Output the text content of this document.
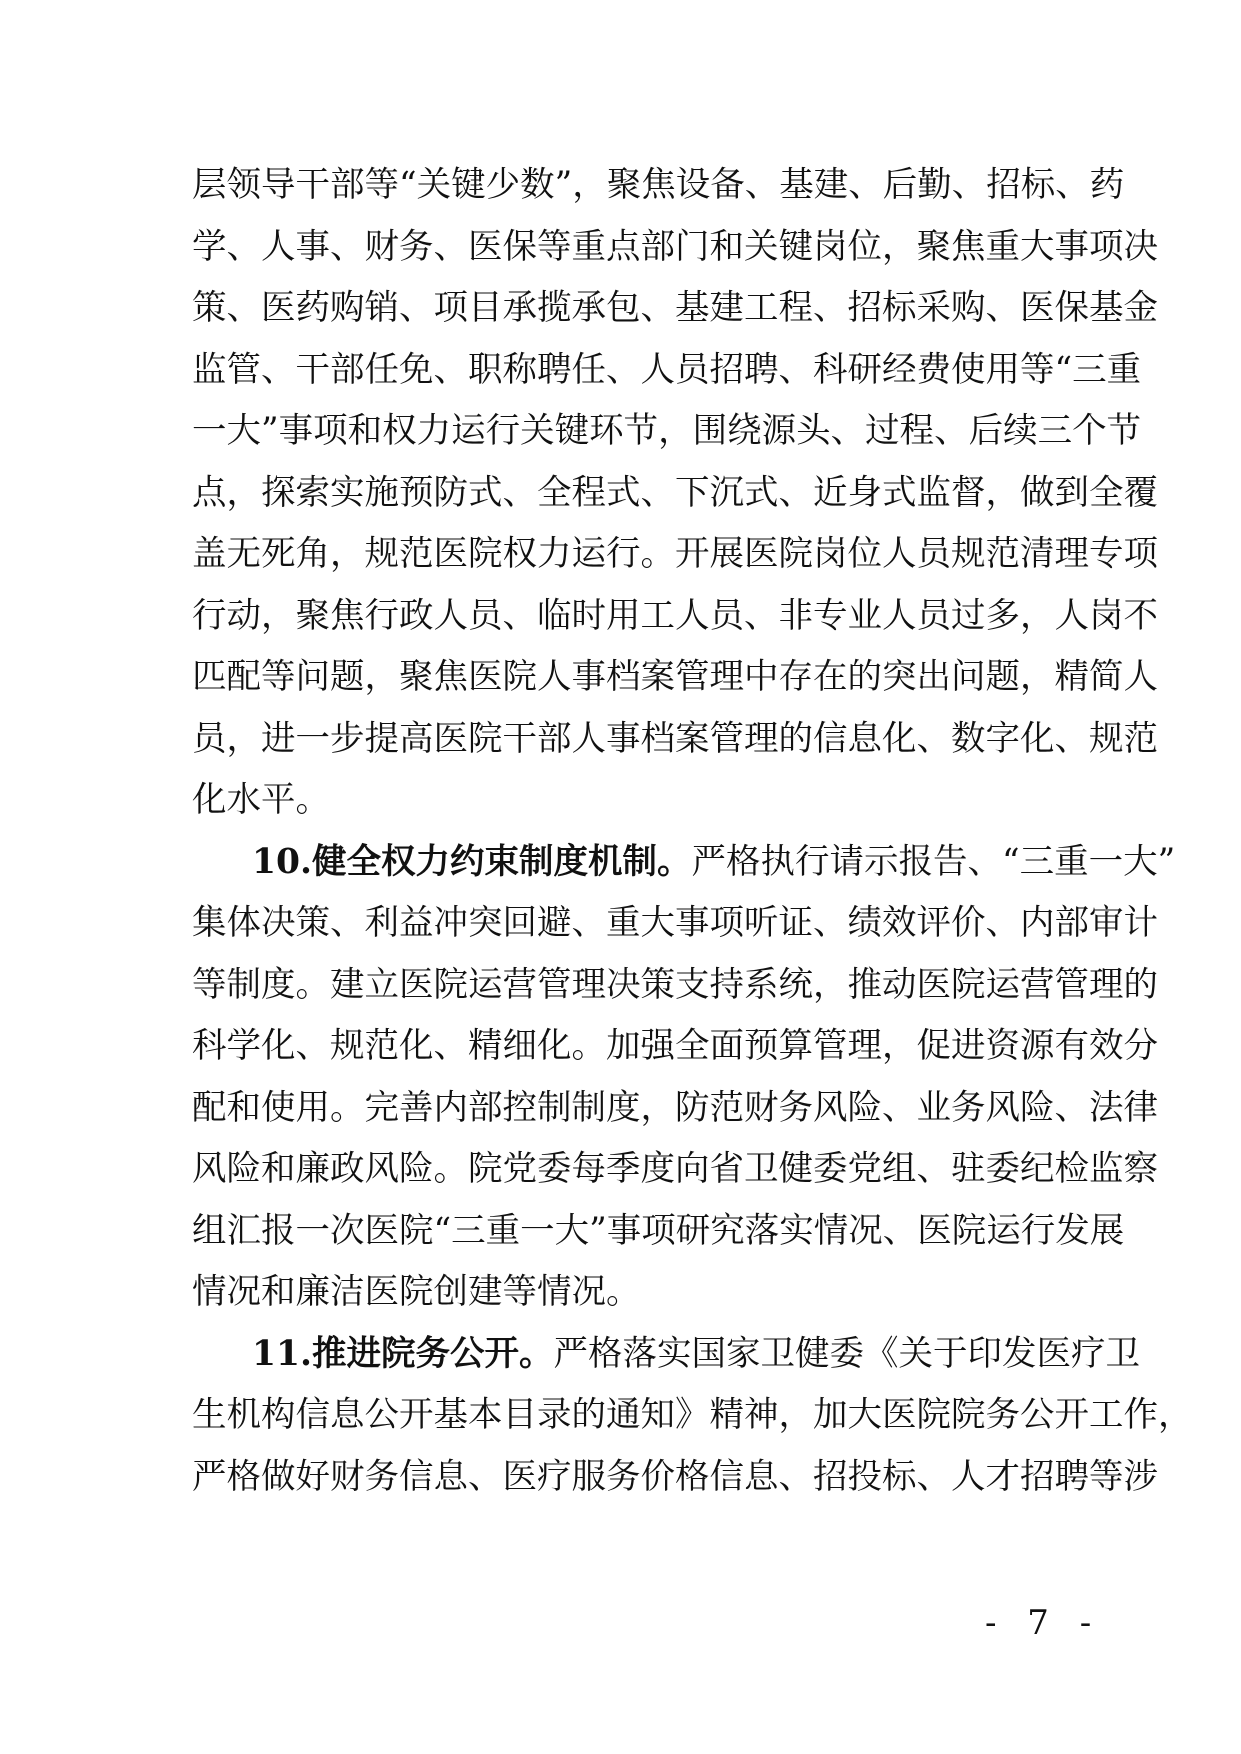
层领导干部等“关键少数”，聚焦设备、基建、后勤、招标、药
学、人事、财务、医保等重点部门和关键岗位，聚焦重大事项决
策、医药购销、项目承揽承包、基建工程、招标采购、医保基金
监管、干部任免、职称聘任、人员招聘、科研经费使用等“三重
一大”事项和权力运行关键环节，围绕源头、过程、后续三个节
点，探索实施预防式、全程式、下沉式、近身式监督，做到全覆
盖无死角，规范医院权力运行。开展医院岗位人员规范清理专项
行动，聚焦行政人员、临时用工人员、非专业人员过多，人岗不
匹配等问题，聚焦医院人事档案管理中存在的突出问题，精简人
员，进一步提高医院干部人事档案管理的信息化、数字化、规范
化水平。
10.健全权力约束制度机制。严格执行请示报告、“三重一大”
集体决策、利益冲突回避、重大事项听证、绩效评价、内部审计
等制度。建立医院运营管理决策支持系统，推动医院运营管理的
科学化、规范化、精细化。加强全面预算管理，促进资源有效分
配和使用。完善内部控制制度，防范财务风险、业务风险、法律
风险和廉政风险。院党委每季度向省卫健委党组、驻委纪检监察
组汇报一次医院“三重一大”事项研究落实情况、医院运行发展
情况和廉洁医院创建等情况。
11.推进院务公开。严格落实国家卫健委《关于印发医疗卫
生机构信息公开基本目录的通知》精神，加大医院院务公开工作，
严格做好财务信息、医疗服务价格信息、招投标、人才招聘等涉
- 7 -
